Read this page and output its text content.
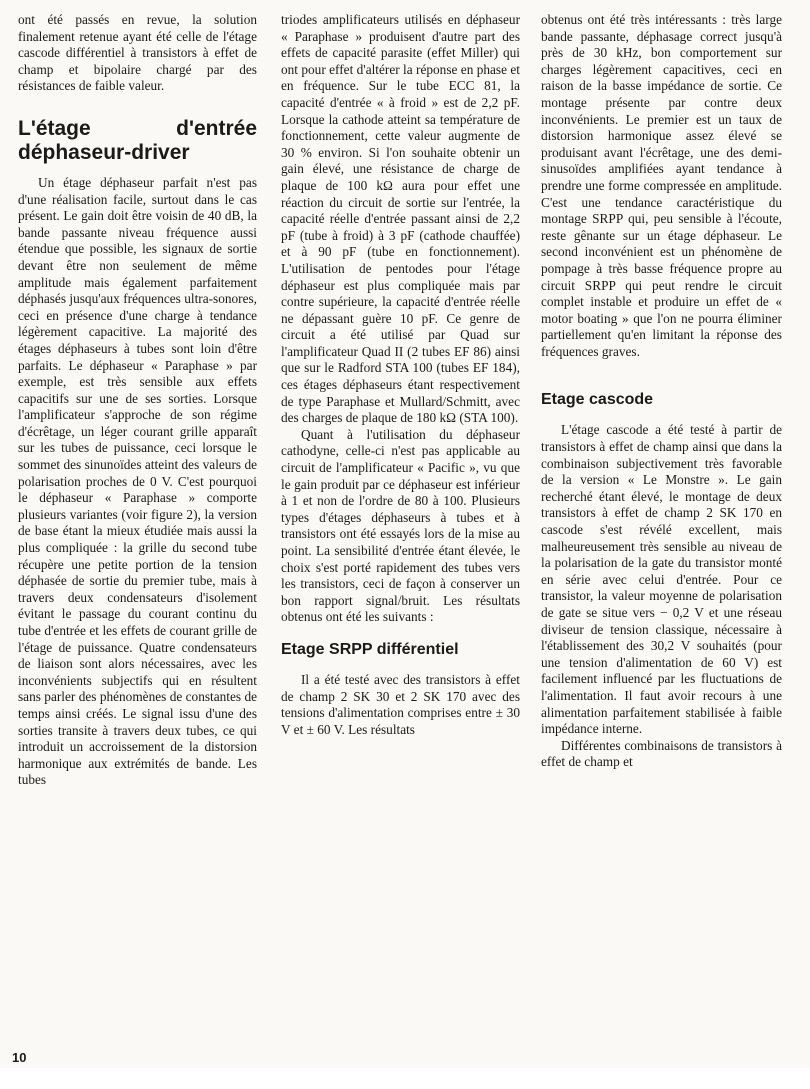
ont été passés en revue, la solution finalement retenue ayant été celle de l'étage cascode différentiel à transistors à effet de champ et bipolaire chargé par des résistances de faible valeur.

L'étage	d'entrée
déphaseur-driver

Un étage déphaseur parfait n'est pas d'une réalisation facile, surtout dans le cas présent. Le gain doit être voisin de 40 dB, la bande passante niveau fréquence aussi étendue que possible, les signaux de sortie devant être non seulement de même amplitude mais également parfaitement déphasés jusqu'aux fréquences ultra-sonores, ceci en présence d'une charge à tendance légèrement capacitive. La majorité des étages déphaseurs à tubes sont loin d'être parfaits. Le déphaseur « Paraphase » par exemple, est très sensible aux effets capacitifs sur une de ses sorties. Lorsque l'amplificateur s'approche de son régime d'écrêtage, un léger courant grille apparaît sur les tubes de puissance, ceci lorsque le sommet des sinunoïdes atteint des valeurs de polarisation proches de 0 V. C'est pourquoi le déphaseur « Paraphase » comporte plusieurs variantes (voir figure 2), la version de base étant la mieux étudiée mais aussi la plus compliquée : la grille du second tube récupère une petite portion de la tension déphasée de sortie du premier tube, mais à travers deux condensateurs d'isolement évitant le passage du courant continu du tube d'entrée et les effets de courant grille de l'étage de puissance. Quatre condensateurs de liaison sont alors nécessaires, avec les inconvénients subjectifs qui en résultent sans parler des phénomènes de constantes de temps ainsi créés. Le signal issu d'une des sorties transite à travers deux tubes, ce qui introduit un accroissement de la distorsion harmonique aux extrémités de bande. Les tubes

triodes amplificateurs utilisés en déphaseur « Paraphase » produisent d'autre part des effets de capacité parasite (effet Miller) qui ont pour effet d'altérer la réponse en phase et en fréquence. Sur le tube ECC 81, la capacité d'entrée « à froid » est de 2,2 pF. Lorsque la cathode atteint sa température de fonctionnement, cette valeur augmente de 30 % environ. Si l'on souhaite obtenir un gain élevé, une résistance de charge de plaque de 100 kΩ aura pour effet une réaction du circuit de sortie sur l'entrée, la capacité réelle d'entrée passant ainsi de 2,2 pF (tube à froid) à 3 pF (cathode chauffée) et à 90 pF (tube en fonctionnement). L'utilisation de pentodes pour l'étage déphaseur est plus compliquée mais par contre supérieure, la capacité d'entrée réelle ne dépassant guère 10 pF. Ce genre de circuit a été utilisé par Quad sur l'amplificateur Quad II (2 tubes EF 86) ainsi que sur le Radford STA 100 (tubes EF 184), ces étages déphaseurs étant respectivement de type Paraphase et Mullard/Schmitt, avec des charges de plaque de 180 kΩ (STA 100).

Quant à l'utilisation du déphaseur cathodyne, celle-ci n'est pas applicable au circuit de l'amplificateur « Pacific », vu que le gain produit par ce déphaseur est inférieur à 1 et non de l'ordre de 80 à 100. Plusieurs types d'étages déphaseurs à tubes et à transistors ont été essayés lors de la mise au point. La sensibilité d'entrée étant élevée, le choix s'est porté rapidement des tubes vers les transistors, ceci de façon à conserver un bon rapport signal/bruit. Les résultats obtenus ont été les suivants :

Etage SRPP différentiel

Il a été testé avec des transistors à effet de champ 2 SK 30 et 2 SK 170 avec des tensions d'alimentation comprises entre ± 30 V et ± 60 V. Les résultats

obtenus ont été très intéressants : très large bande passante, déphasage correct jusqu'à près de 30 kHz, bon comportement sur charges légèrement capacitives, ceci en raison de la basse impédance de sortie. Ce montage présente par contre deux inconvénients. Le premier est un taux de distorsion harmonique assez élevé se produisant avant l'écrêtage, une des demi-sinusoïdes amplifiées ayant tendance à prendre une forme compressée en amplitude. C'est une tendance caractéristique du montage SRPP qui, peu sensible à l'écoute, reste gênante sur un étage déphaseur. Le second inconvénient est un phénomène de pompage à très basse fréquence propre au circuit SRPP qui peut rendre le circuit complet instable et produire un effet de « motor boating » que l'on ne pourra éliminer partiellement qu'en limitant la réponse des fréquences graves.

Etage cascode

L'étage cascode a été testé à partir de transistors à effet de champ ainsi que dans la combinaison subjectivement très favorable de la version « Le Monstre ». Le gain recherché étant élevé, le montage de deux transistors à effet de champ 2 SK 170 en cascode s'est révélé excellent, mais malheureusement très sensible au niveau de la polarisation de la gate du transistor monté en série avec celui d'entrée. Pour ce transistor, la valeur moyenne de polarisation de gate se situe vers − 0,2 V et une réseau diviseur de tension classique, nécessaire à l'établissement des 30,2 V souhaités (pour une tension d'alimentation de 60 V) est facilement influencé par les fluctuations de l'alimentation. Il faut avoir recours à une alimentation parfaitement stabilisée à faible impédance interne.

Différentes combinaisons de transistors à effet de champ et

10
